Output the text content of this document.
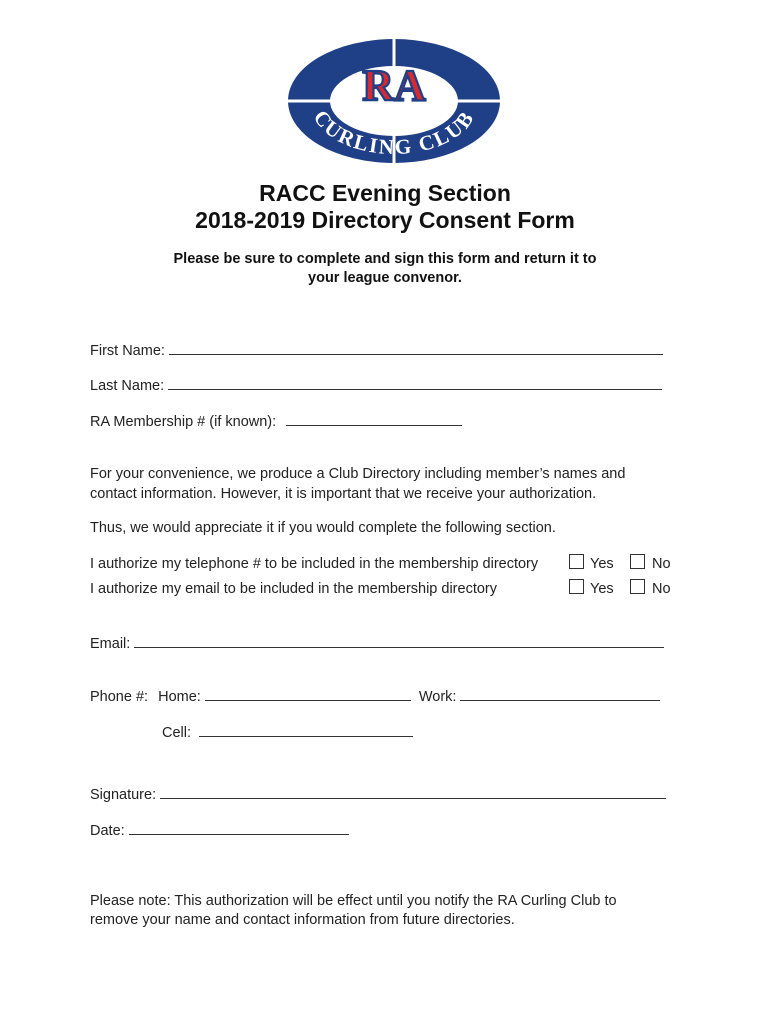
RA
CURLING CLUB
RACC Evening Section
2018-2019 Directory Consent Form
Please be sure to complete and sign this form and return it to
your league convenor.
First Name:
Last Name:
RA Membership # (if known):
For your convenience, we produce a Club Directory including member’s names and
contact information. However, it is important that we receive your authorization.
Thus, we would appreciate it if you would complete the following section.
I authorize my telephone # to be included in the membership directory	Yes	No
I authorize my email to be included in the membership directory	Yes	No
Email:
Phone #: Home:	Work:
Cell:
Signature:
Date:
Please note: This authorization will be effect until you notify the RA Curling Club to
remove your name and contact information from future directories.
